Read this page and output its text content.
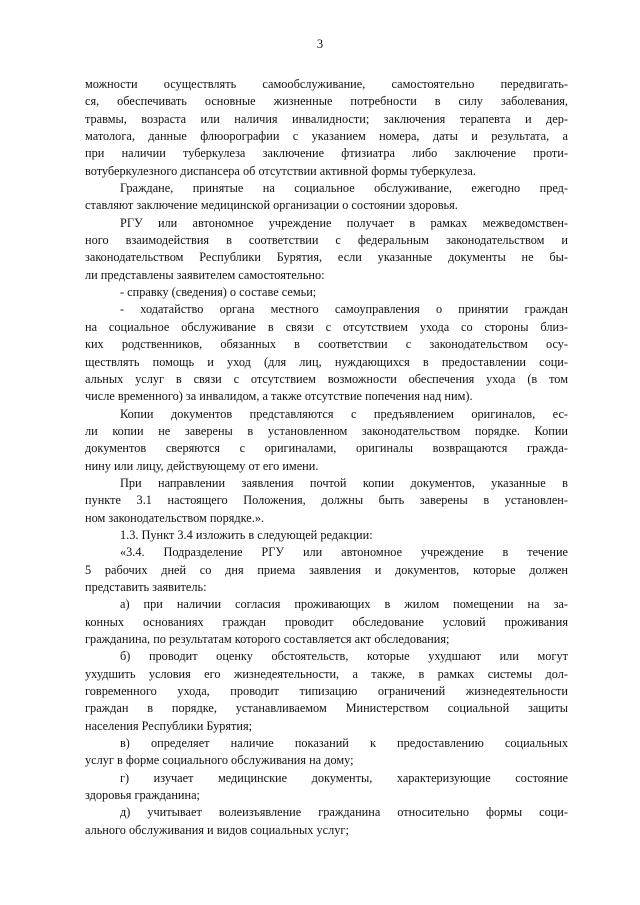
3
можности осуществлять самообслуживание, самостоятельно передвигать-
ся, обеспечивать основные жизненные потребности в силу заболевания,
травмы, возраста или наличия инвалидности; заключения терапевта и дер-
матолога, данные флюорографии с указанием номера, даты и результата, а
при наличии туберкулеза заключение фтизиатра либо заключение проти-
вотуберкулезного диспансера об отсутствии активной формы туберкулеза.
Граждане, принятые на социальное обслуживание, ежегодно пред-
ставляют заключение медицинской организации о состоянии здоровья.
РГУ или автономное учреждение получает в рамках межведомствен-
ного взаимодействия в соответствии с федеральным законодательством и
законодательством Республики Бурятия, если указанные документы не бы-
ли представлены заявителем самостоятельно:
- справку (сведения) о составе семьи;
- ходатайство органа местного самоуправления о принятии граждан
на социальное обслуживание в связи с отсутствием ухода со стороны близ-
ких родственников, обязанных в соответствии с законодательством осу-
ществлять помощь и уход (для лиц, нуждающихся в предоставлении соци-
альных услуг в связи с отсутствием возможности обеспечения ухода (в том
числе временного) за инвалидом, а также отсутствие попечения над ним).
Копии документов представляются с предъявлением оригиналов, ес-
ли копии не заверены в установленном законодательством порядке. Копии
документов сверяются с оригиналами, оригиналы возвращаются гражда-
нину или лицу, действующему от его имени.
При направлении заявления почтой копии документов, указанные в
пункте 3.1 настоящего Положения, должны быть заверены в установлен-
ном законодательством порядке.».
1.3. Пункт 3.4 изложить в следующей редакции:
«3.4. Подразделение РГУ или автономное учреждение в течение
5 рабочих дней со дня приема заявления и документов, которые должен
представить заявитель:
а) при наличии согласия проживающих в жилом помещении на за-
конных основаниях граждан проводит обследование условий проживания
гражданина, по результатам которого составляется акт обследования;
б) проводит оценку обстоятельств, которые ухудшают или могут
ухудшить условия его жизнедеятельности, а также, в рамках системы дол-
говременного ухода, проводит типизацию ограничений жизнедеятельности
граждан в порядке, устанавливаемом Министерством социальной защиты
населения Республики Бурятия;
в) определяет наличие показаний к предоставлению социальных
услуг в форме социального обслуживания на дому;
г) изучает медицинские документы, характеризующие состояние
здоровья гражданина;
д) учитывает волеизъявление гражданина относительно формы соци-
ального обслуживания и видов социальных услуг;
